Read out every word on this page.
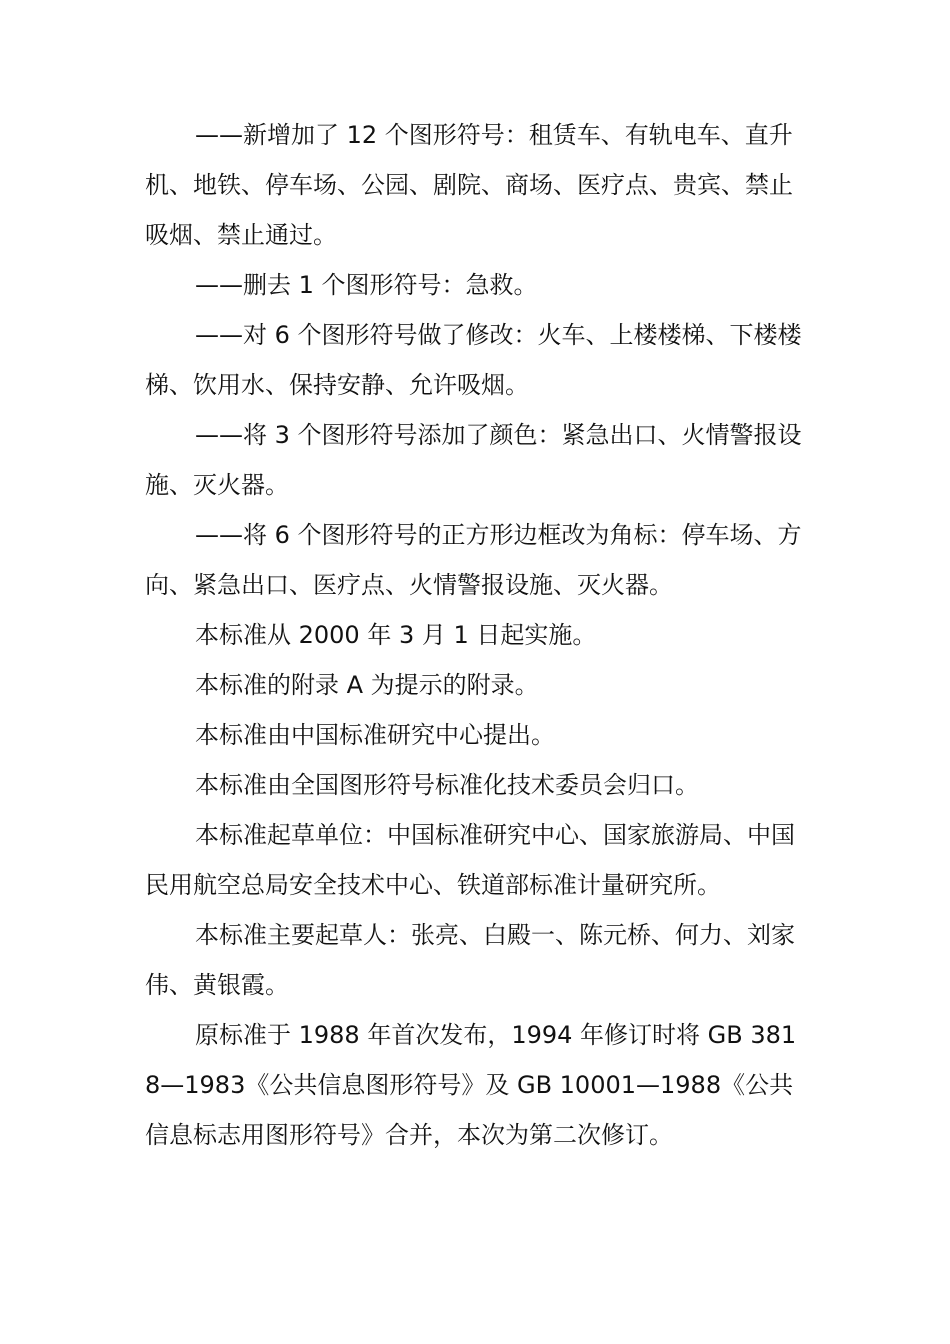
——新增加了 12 个图形符号：租赁车、有轨电车、直升机、地铁、停车场、公园、剧院、商场、医疗点、贵宾、禁止吸烟、禁止通过。

——删去 1 个图形符号：急救。

——对 6 个图形符号做了修改：火车、上楼楼梯、下楼楼梯、饮用水、保持安静、允许吸烟。

——将 3 个图形符号添加了颜色：紧急出口、火情警报设施、灭火器。

——将 6 个图形符号的正方形边框改为角标：停车场、方向、紧急出口、医疗点、火情警报设施、灭火器。

本标准从 2000 年 3 月 1 日起实施。

本标准的附录 A 为提示的附录。

本标准由中国标准研究中心提出。

本标准由全国图形符号标准化技术委员会归口。

本标准起草单位：中国标准研究中心、国家旅游局、中国民用航空总局安全技术中心、铁道部标准计量研究所。

本标准主要起草人：张亮、白殿一、陈元桥、何力、刘家伟、黄银霞。

原标准于 1988 年首次发布，1994 年修订时将 GB 3818—1983《公共信息图形符号》及 GB 10001—1988《公共信息标志用图形符号》合并，本次为第二次修订。
